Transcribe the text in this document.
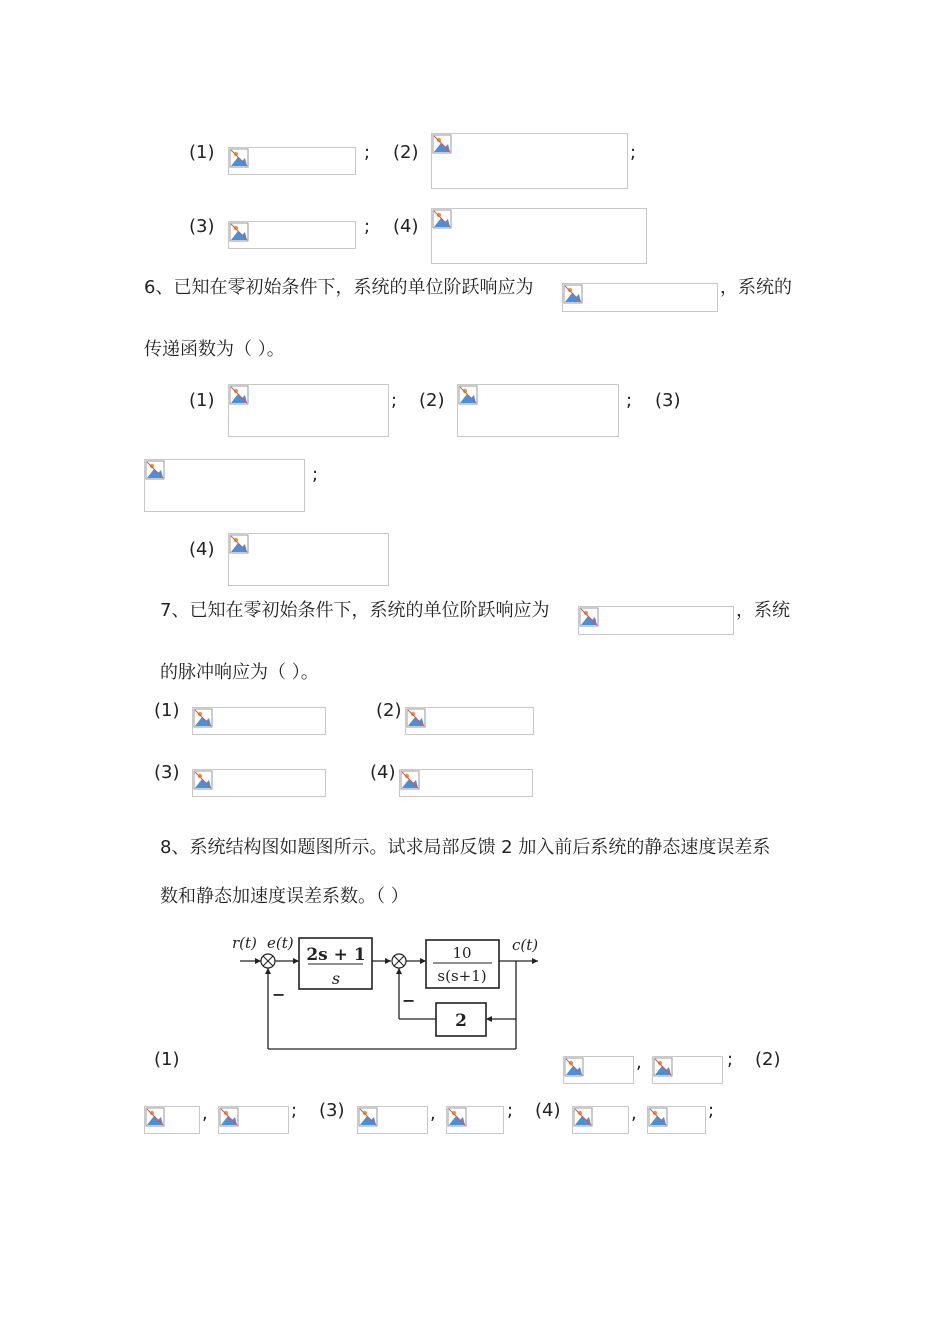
(1)	; (2)	;
(3)	; (4)
6、已知在零初始条件下，系统的单位阶跃响应为	，系统的
传递函数为（ ）。
(1)	; (2)	; (3)
;
(4)
7、已知在零初始条件下，系统的单位阶跃响应为	，系统
的脉冲响应为（ ）。
(1)	(2)
(3)	(4)
8、系统结构图如题图所示。试求局部反馈 2 加入前后系统的静态速度误差系
数和静态加速度误差系数。（ ）
2s + 1
s
10
s(s+1)
2
r(t) e(t)	c(t)
−	−
(1)	,	; (2)
,	; (3)	,	; (4)	,	;
